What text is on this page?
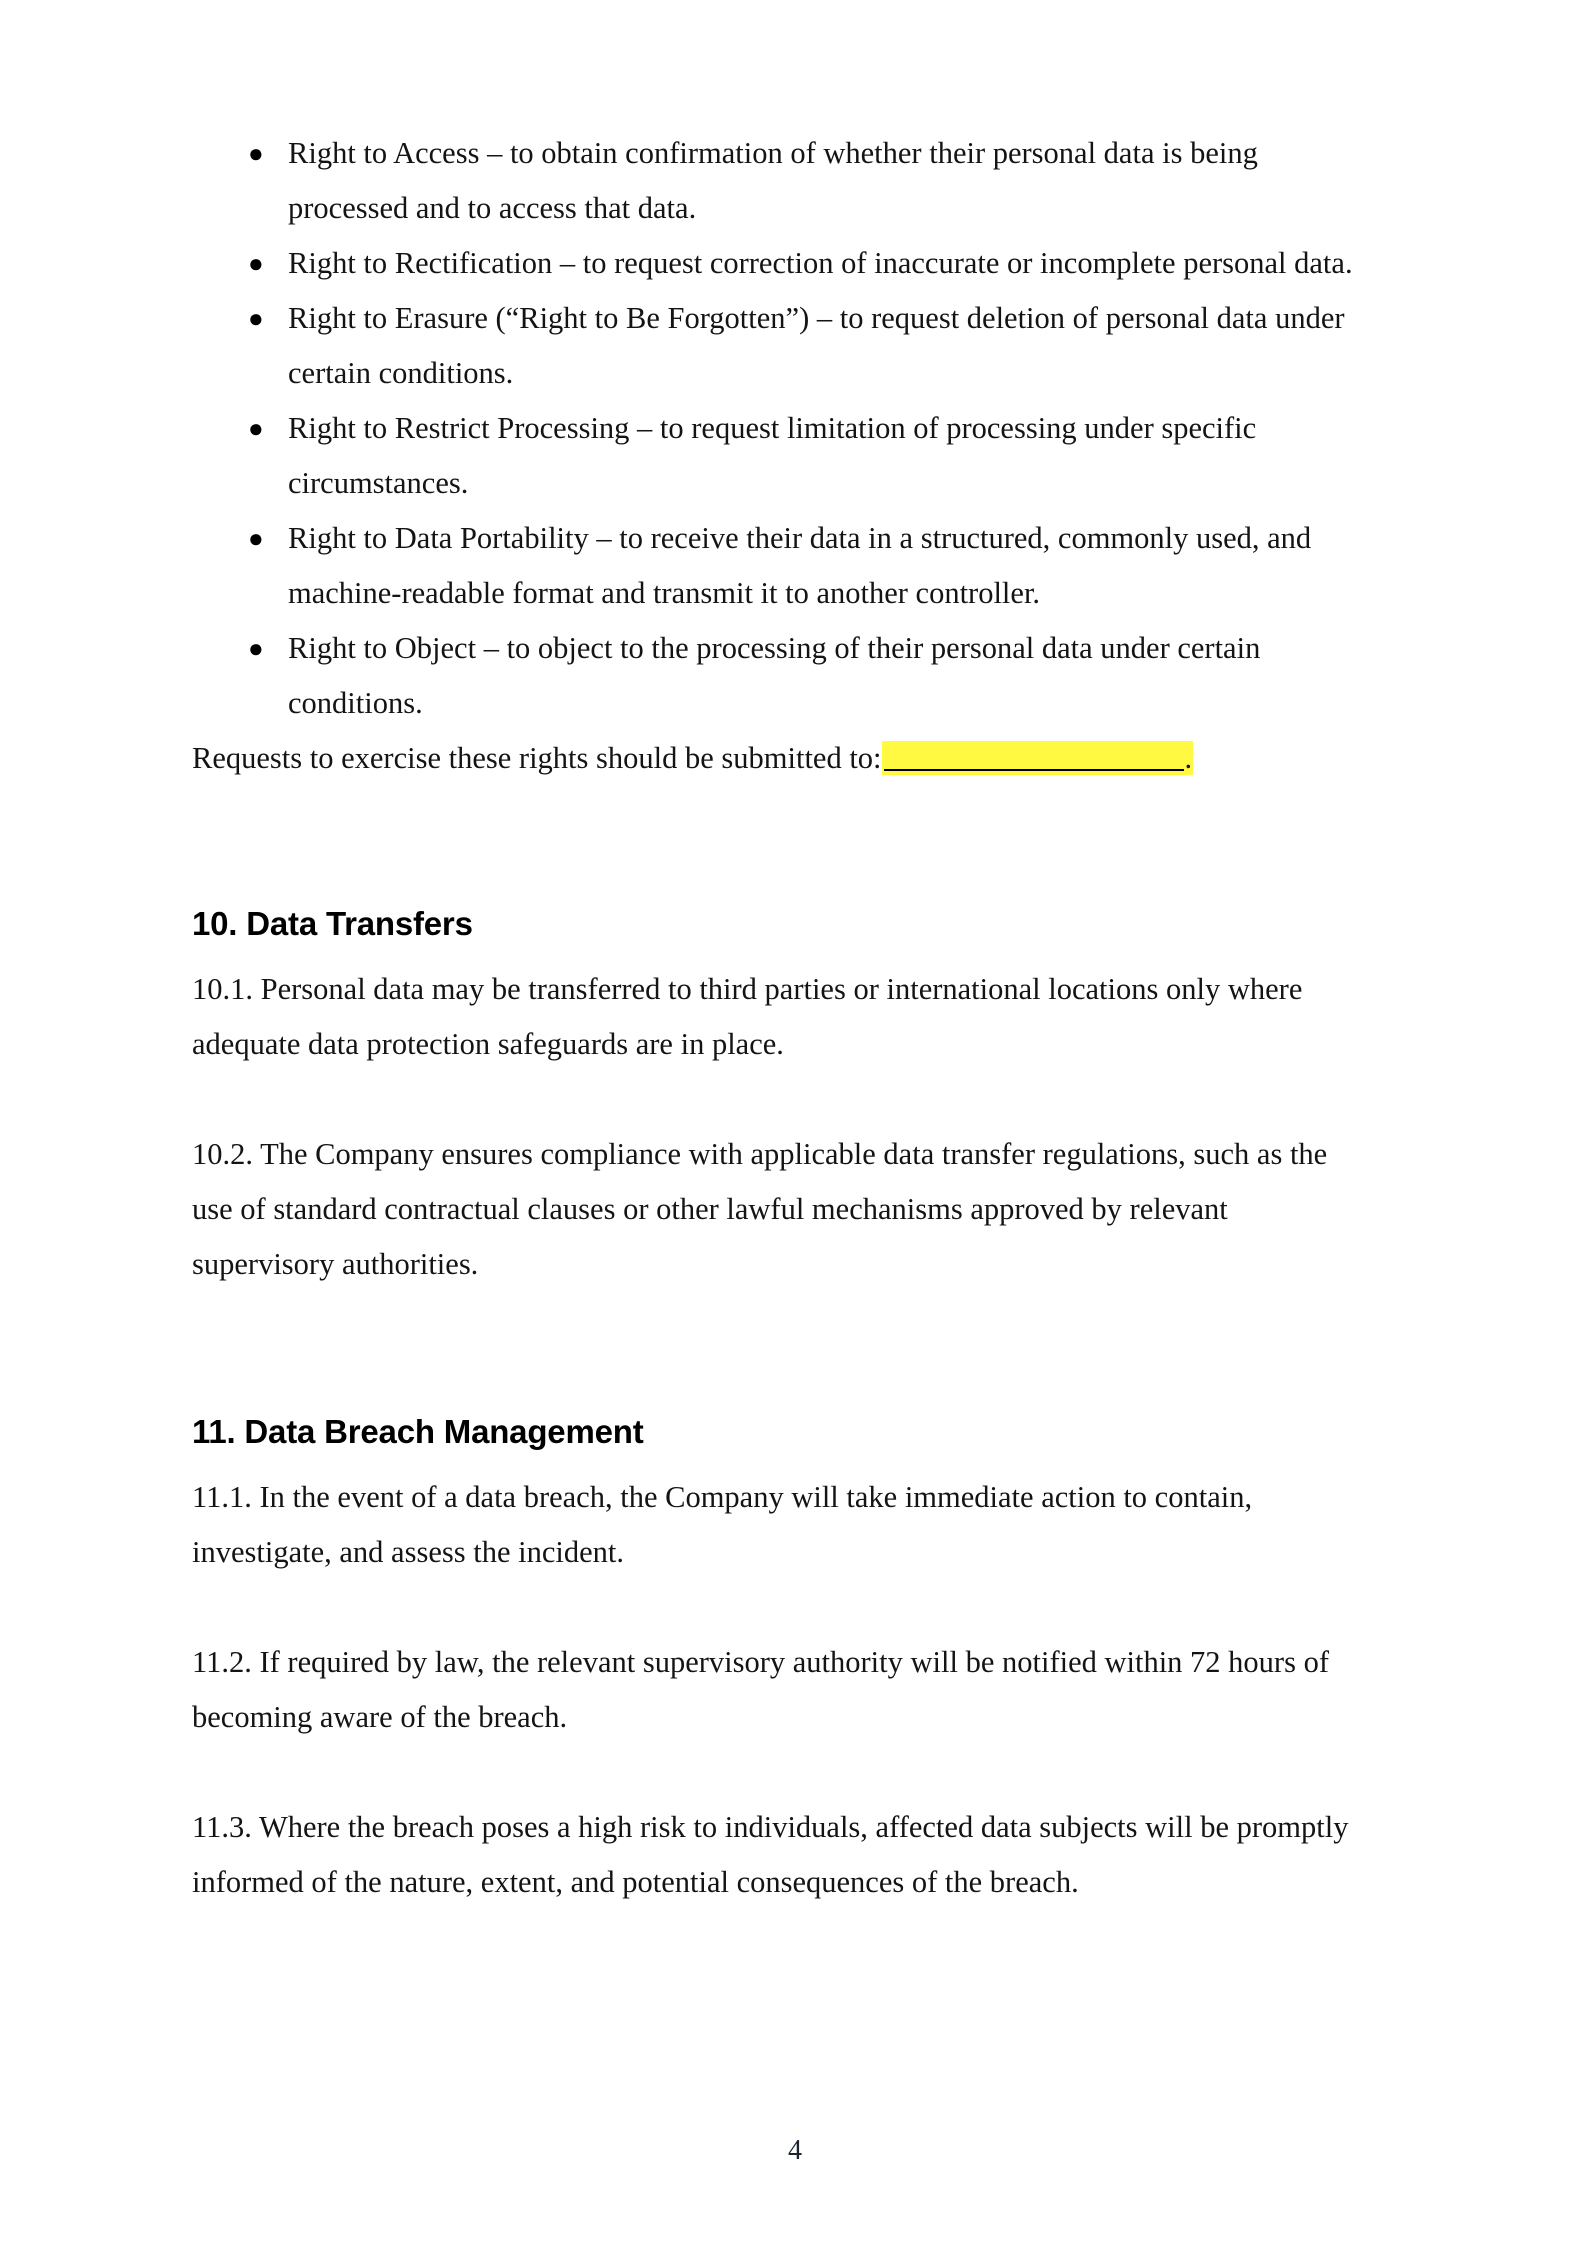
● Right to Access – to obtain confirmation of whether their personal data is being processed and to access that data.
● Right to Rectification – to request correction of inaccurate or incomplete personal data.
● Right to Erasure (“Right to Be Forgotten”) – to request deletion of personal data under certain conditions.
● Right to Restrict Processing – to request limitation of processing under specific circumstances.
● Right to Data Portability – to receive their data in a structured, commonly used, and machine-readable format and transmit it to another controller.
● Right to Object – to object to the processing of their personal data under certain conditions.

Requests to exercise these rights should be submitted to:	.

10. Data Transfers

10.1. Personal data may be transferred to third parties or international locations only where adequate data protection safeguards are in place.

10.2. The Company ensures compliance with applicable data transfer regulations, such as the use of standard contractual clauses or other lawful mechanisms approved by relevant supervisory authorities.

11. Data Breach Management

11.1. In the event of a data breach, the Company will take immediate action to contain, investigate, and assess the incident.

11.2. If required by law, the relevant supervisory authority will be notified within 72 hours of becoming aware of the breach.

11.3. Where the breach poses a high risk to individuals, affected data subjects will be promptly informed of the nature, extent, and potential consequences of the breach.

4
